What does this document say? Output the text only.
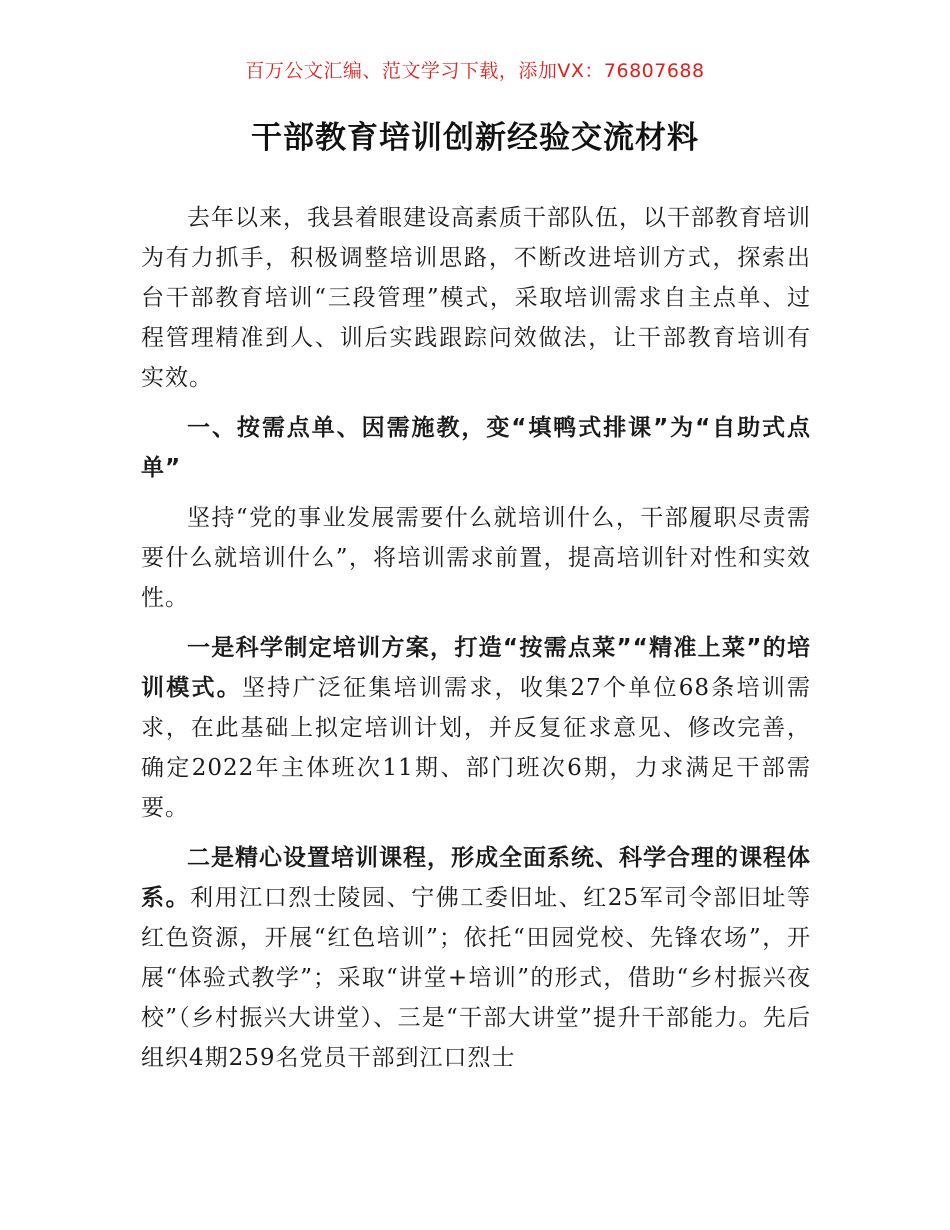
百万公文汇编、范文学习下载，添加VX：76807688
干部教育培训创新经验交流材料

去年以来，我县着眼建设高素质干部队伍，以干部教育培训为有力抓手，积极调整培训思路，不断改进培训方式，探索出台干部教育培训“三段管理”模式，采取培训需求自主点单、过程管理精准到人、训后实践跟踪问效做法，让干部教育培训有实效。

一、按需点单、因需施教，变“填鸭式排课”为“自助式点单”

坚持“党的事业发展需要什么就培训什么，干部履职尽责需要什么就培训什么”，将培训需求前置，提高培训针对性和实效性。

一是科学制定培训方案，打造“按需点菜”“精准上菜”的培训模式。坚持广泛征集培训需求，收集27个单位68条培训需求，在此基础上拟定培训计划，并反复征求意见、修改完善，确定2022年主体班次11期、部门班次6期，力求满足干部需要。

二是精心设置培训课程，形成全面系统、科学合理的课程体系。利用江口烈士陵园、宁佛工委旧址、红25军司令部旧址等红色资源，开展“红色培训”；依托“田园党校、先锋农场”，开展“体验式教学”；采取“讲堂+培训”的形式，借助“乡村振兴夜校”（乡村振兴大讲堂）、三是“干部大讲堂”提升干部能力。先后组织4期259名党员干部到江口烈士
